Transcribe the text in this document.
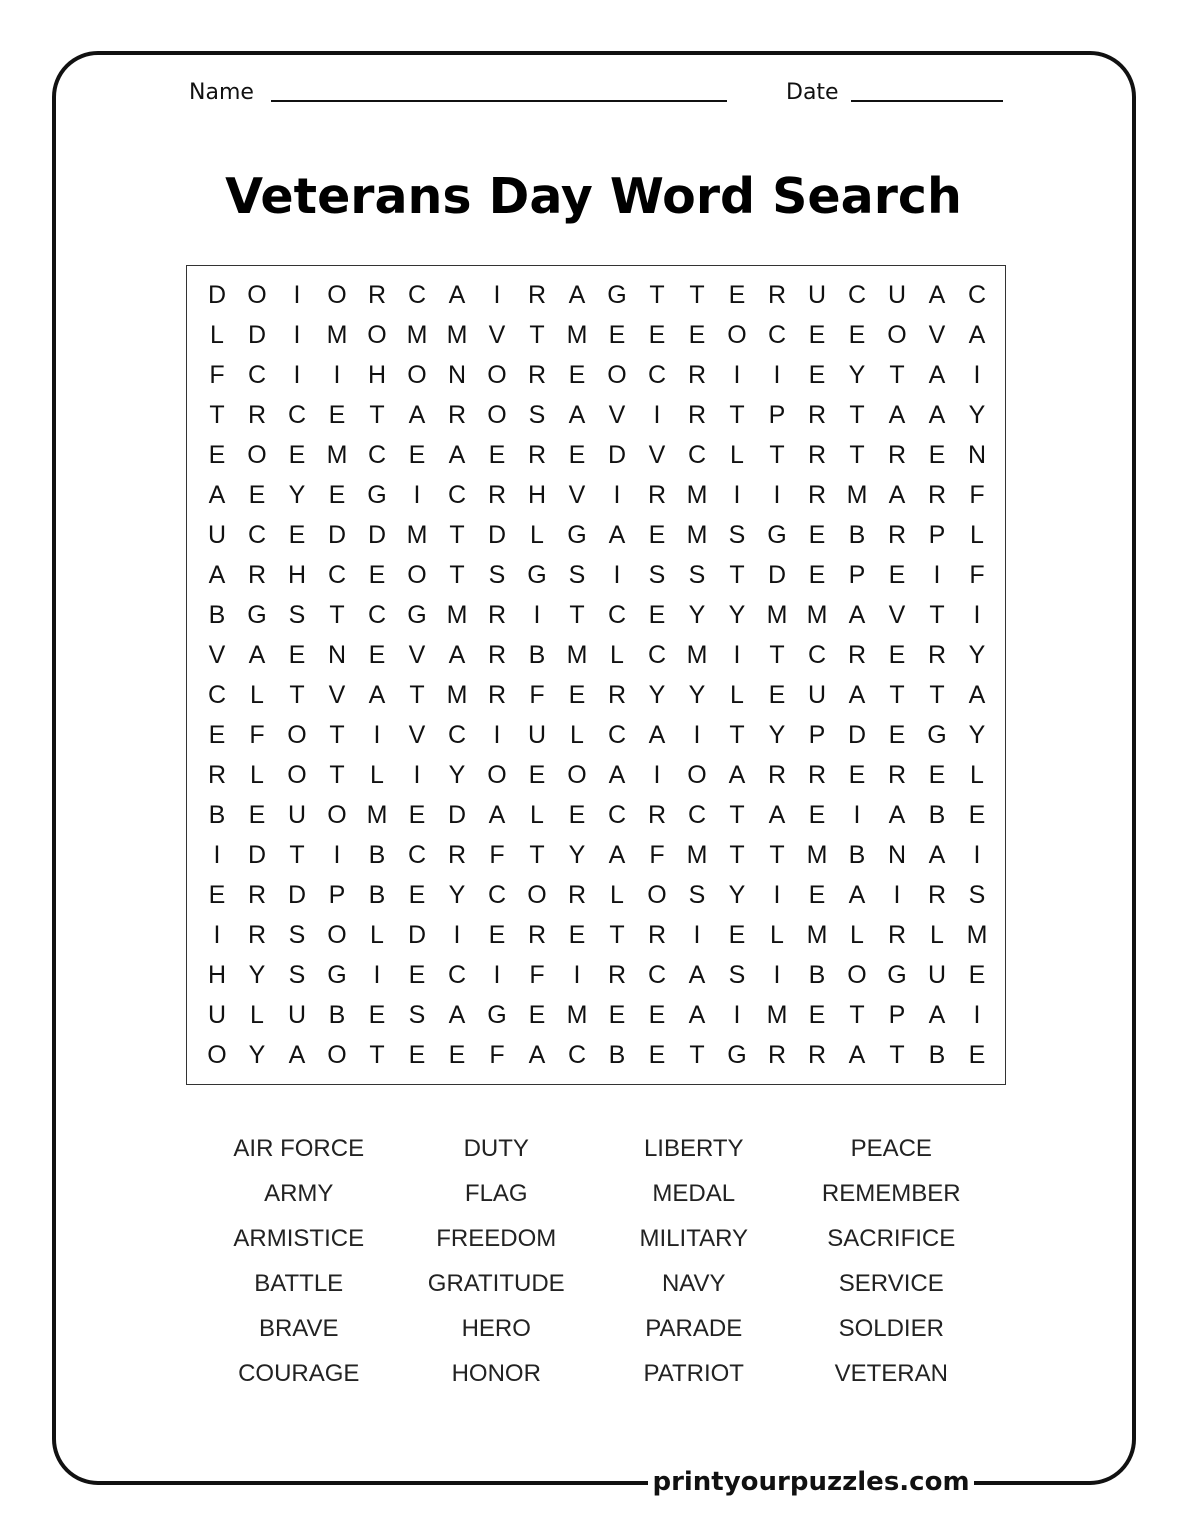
Name	Date
Veterans Day Word Search
D O	I	O R C A	I	R A G T T E R U C U A C
L D	I	M O M M V T M E E E O C E E O V A
F C	I	I	H O N O R E O C R	I	I	E Y T A	I
T R C E T A R O S A V	I	R T P R T A A Y
E O E M C E A E R E D V C L	T R T R E N
A E Y E G	I	C R H V	I	R M	I	I	R M A R F
U C E D D M T D L G A E M S G E B R P L
A R H C E O T S G S	I	S S T D E P E	I	F
B G S T C G M R	I	T C E Y Y M M A V T	I
V A E N E V A R B M L C M	I	T C R E R Y
C L	T V A T M R F E R Y Y L E U A T T A
E F O T	I	V C	I	U L C A	I	T Y P D E G Y
R L O T	L	I	Y O E O A	I	O A R R E R E L
B E U O M E D A L E C R C T A E	I	A B E
I	D T	I	B C R F T Y A F M T T M B N A	I
E R D P B E Y C O R L O S Y	I	E A	I	R S
I	R S O L D	I	E R E T R	I	E L M L R L M
H Y S G	I	E C	I	F	I	R C A S	I	B O G U E
U L U B E S A G E M E E A	I	M E T P A	I
O Y A O T E E F A C B E T G R R A T B E
AIR FORCE
ARMY
ARMISTICE
BATTLE
BRAVE
COURAGE
DUTY
FLAG
FREEDOM
GRATITUDE
HERO
HONOR
LIBERTY
MEDAL
MILITARY
NAVY
PARADE
PATRIOT
PEACE
REMEMBER
SACRIFICE
SERVICE
SOLDIER
VETERAN
printyourpuzzles.com
